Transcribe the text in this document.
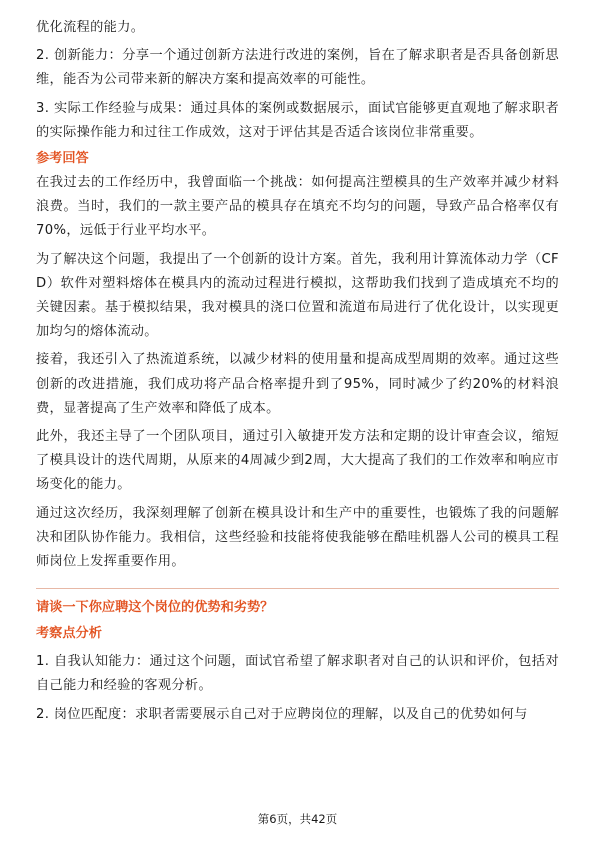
优化流程的能力。

2. 创新能力：分享一个通过创新方法进行改进的案例，旨在了解求职者是否具备创新思维，能否为公司带来新的解决方案和提高效率的可能性。

3. 实际工作经验与成果：通过具体的案例或数据展示，面试官能够更直观地了解求职者的实际操作能力和过往工作成效，这对于评估其是否适合该岗位非常重要。

参考回答

在我过去的工作经历中，我曾面临一个挑战：如何提高注塑模具的生产效率并减少材料浪费。当时，我们的一款主要产品的模具存在填充不均匀的问题，导致产品合格率仅有70%，远低于行业平均水平。

为了解决这个问题，我提出了一个创新的设计方案。首先，我利用计算流体动力学（CFD）软件对塑料熔体在模具内的流动过程进行模拟，这帮助我们找到了造成填充不均的关键因素。基于模拟结果，我对模具的浇口位置和流道布局进行了优化设计，以实现更加均匀的熔体流动。

接着，我还引入了热流道系统，以减少材料的使用量和提高成型周期的效率。通过这些创新的改进措施，我们成功将产品合格率提升到了95%，同时减少了约20%的材料浪费，显著提高了生产效率和降低了成本。

此外，我还主导了一个团队项目，通过引入敏捷开发方法和定期的设计审查会议，缩短了模具设计的迭代周期，从原来的4周减少到2周，大大提高了我们的工作效率和响应市场变化的能力。

通过这次经历，我深刻理解了创新在模具设计和生产中的重要性，也锻炼了我的问题解决和团队协作能力。我相信，这些经验和技能将使我能够在酷哇机器人公司的模具工程师岗位上发挥重要作用。

请谈一下你应聘这个岗位的优势和劣势？

考察点分析

1. 自我认知能力：通过这个问题，面试官希望了解求职者对自己的认识和评价，包括对自己能力和经验的客观分析。

2. 岗位匹配度：求职者需要展示自己对于应聘岗位的理解，以及自己的优势如何与

第6页，共42页
